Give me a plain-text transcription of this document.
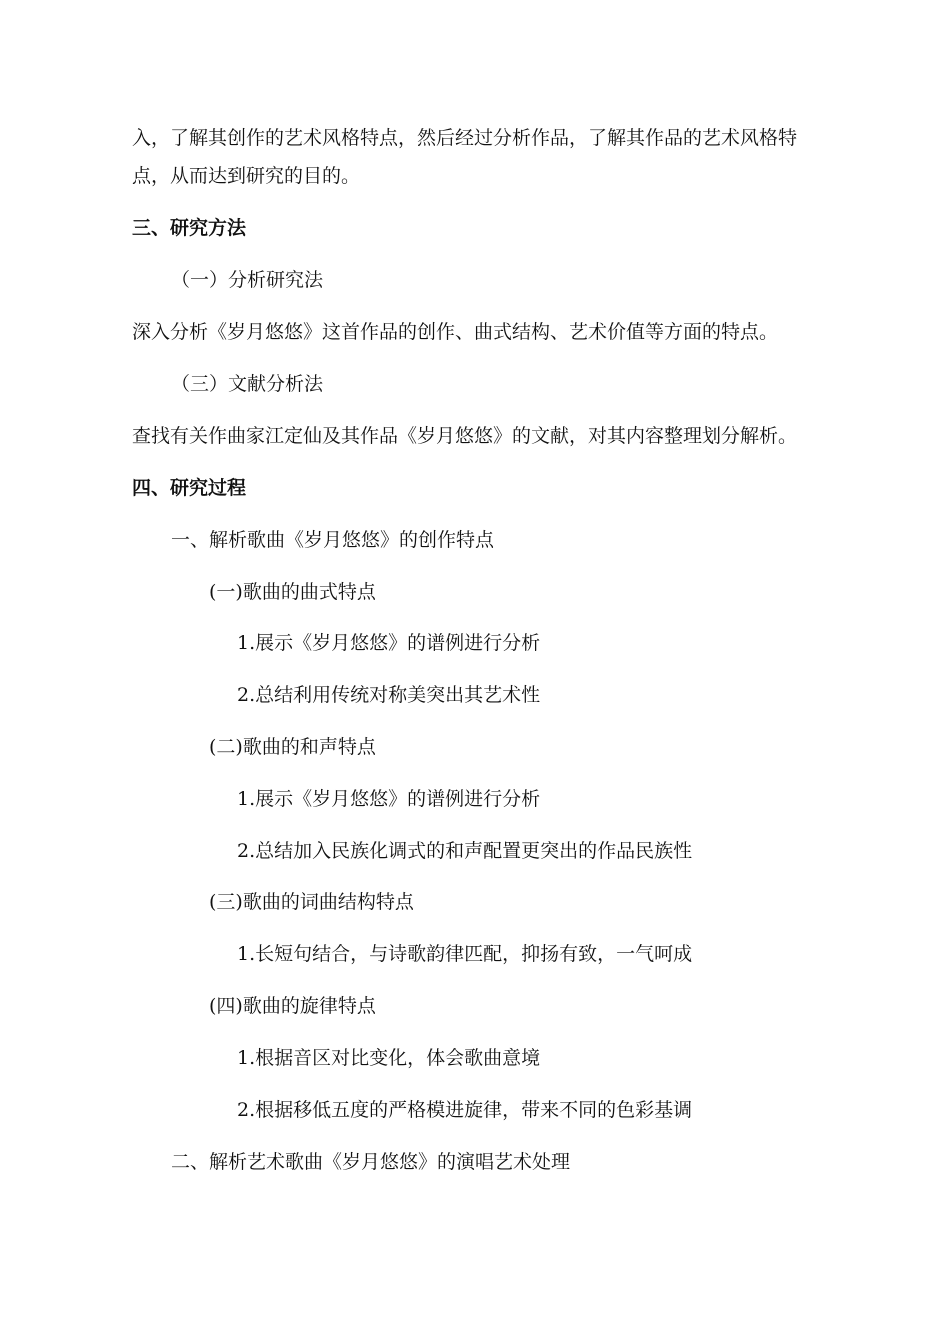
入，了解其创作的艺术风格特点，然后经过分析作品，了解其作品的艺术风格特
点，从而达到研究的目的。
三、研究方法
（一）分析研究法
深入分析《岁月悠悠》这首作品的创作、曲式结构、艺术价值等方面的特点。
（三）文献分析法
查找有关作曲家江定仙及其作品《岁月悠悠》的文献，对其内容整理划分解析。
四、研究过程
一、解析歌曲《岁月悠悠》的创作特点
(一)歌曲的曲式特点
1.展示《岁月悠悠》的谱例进行分析
2.总结利用传统对称美突出其艺术性
(二)歌曲的和声特点
1.展示《岁月悠悠》的谱例进行分析
2.总结加入民族化调式的和声配置更突出的作品民族性
(三)歌曲的词曲结构特点
1.长短句结合，与诗歌韵律匹配，抑扬有致，一气呵成
(四)歌曲的旋律特点
1.根据音区对比变化，体会歌曲意境
2.根据移低五度的严格模进旋律，带来不同的色彩基调
二、解析艺术歌曲《岁月悠悠》的演唱艺术处理
